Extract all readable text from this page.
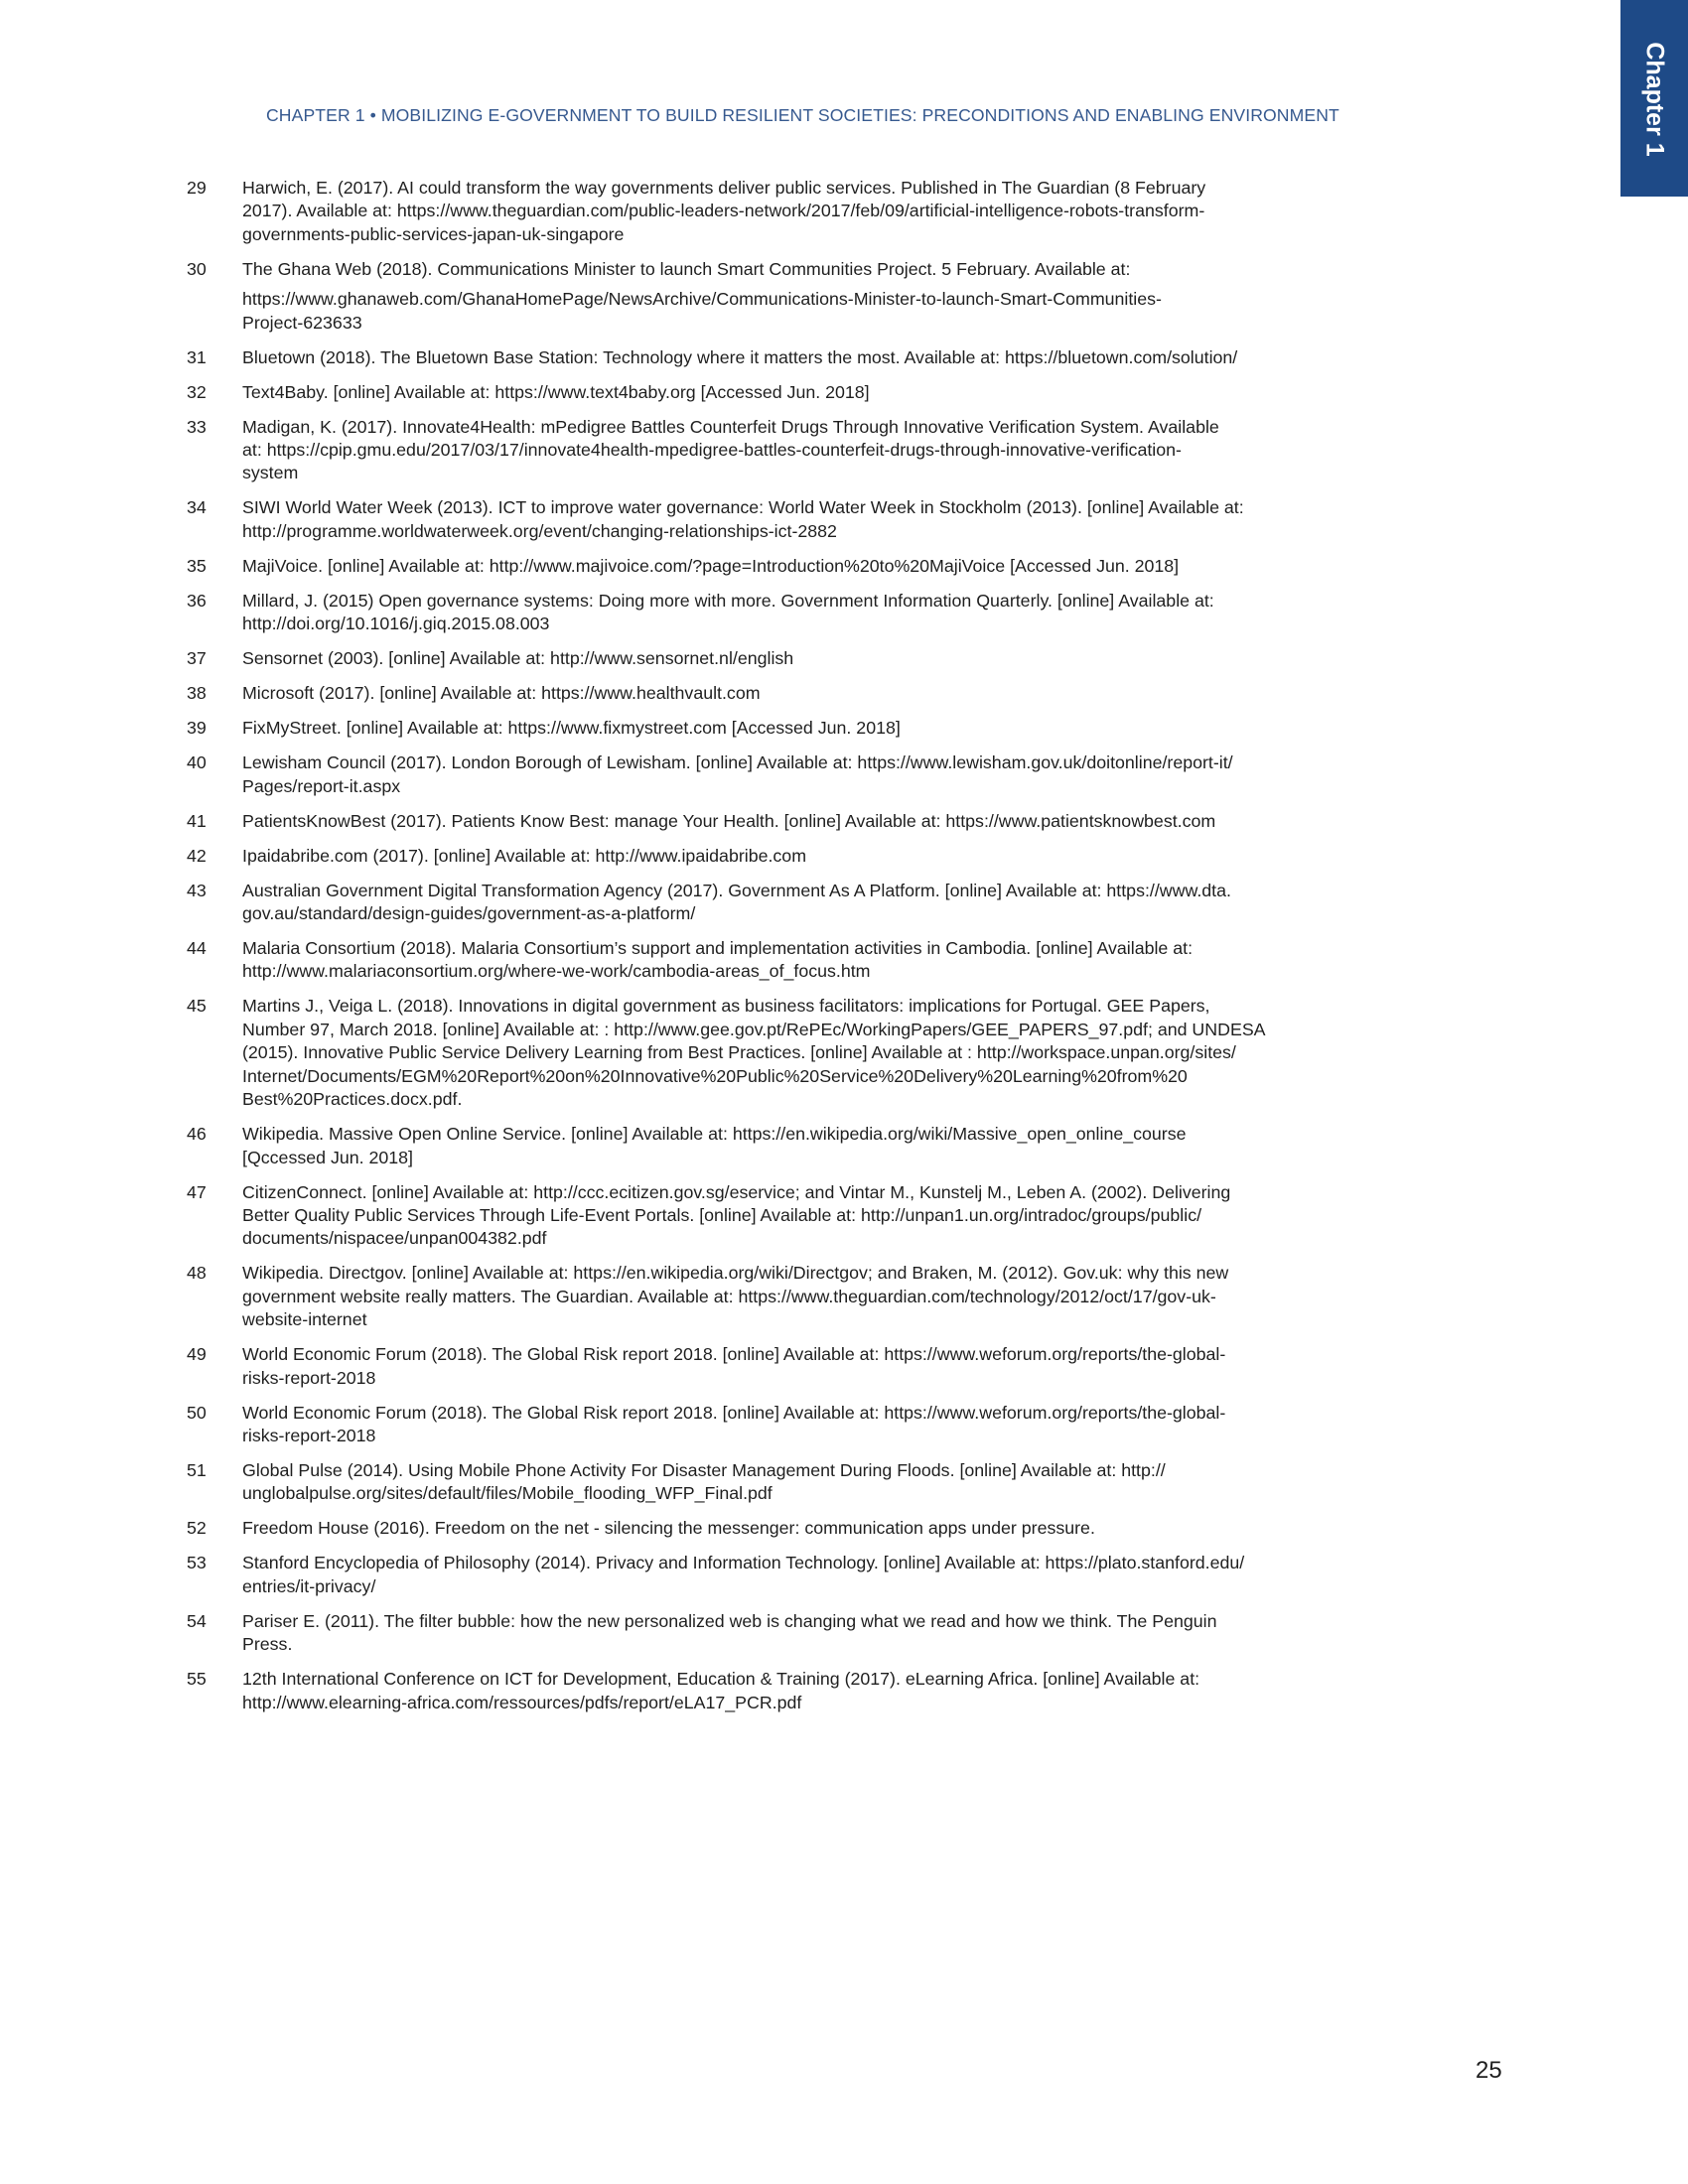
Chapter 1
CHAPTER 1 • MOBILIZING E-GOVERNMENT TO BUILD RESILIENT SOCIETIES: PRECONDITIONS AND ENABLING ENVIRONMENT
29	Harwich, E. (2017). AI could transform the way governments deliver public services. Published in The Guardian (8 February
2017). Available at: https://www.theguardian.com/public-leaders-network/2017/feb/09/artificial-intelligence-robots-transform-
governments-public-services-japan-uk-singapore
30	The Ghana Web (2018). Communications Minister to launch Smart Communities Project. 5 February. Available at:
https://www.ghanaweb.com/GhanaHomePage/NewsArchive/Communications-Minister-to-launch-Smart-Communities-
Project-623633
31	Bluetown (2018). The Bluetown Base Station: Technology where it matters the most. Available at: https://bluetown.com/solution/
32	Text4Baby. [online] Available at: https://www.text4baby.org [Accessed Jun. 2018]
33	Madigan, K. (2017). Innovate4Health: mPedigree Battles Counterfeit Drugs Through Innovative Verification System. Available
at: https://cpip.gmu.edu/2017/03/17/innovate4health-mpedigree-battles-counterfeit-drugs-through-innovative-verification-
system
34	SIWI World Water Week (2013). ICT to improve water governance: World Water Week in Stockholm (2013). [online] Available at:
http://programme.worldwaterweek.org/event/changing-relationships-ict-2882
35	MajiVoice. [online] Available at: http://www.majivoice.com/?page=Introduction%20to%20MajiVoice [Accessed Jun. 2018]
36	Millard, J. (2015) Open governance systems: Doing more with more. Government Information Quarterly. [online] Available at:
http://doi.org/10.1016/j.giq.2015.08.003
37	Sensornet (2003). [online] Available at: http://www.sensornet.nl/english
38	Microsoft (2017). [online] Available at: https://www.healthvault.com
39	FixMyStreet. [online] Available at: https://www.fixmystreet.com [Accessed Jun. 2018]
40	Lewisham Council (2017). London Borough of Lewisham. [online] Available at: https://www.lewisham.gov.uk/doitonline/report-it/
Pages/report-it.aspx
41	PatientsKnowBest (2017). Patients Know Best: manage Your Health. [online] Available at: https://www.patientsknowbest.com
42	Ipaidabribe.com (2017). [online] Available at: http://www.ipaidabribe.com
43	Australian Government Digital Transformation Agency (2017). Government As A Platform. [online] Available at: https://www.dta.
gov.au/standard/design-guides/government-as-a-platform/
44	Malaria Consortium (2018). Malaria Consortium’s support and implementation activities in Cambodia. [online] Available at:
http://www.malariaconsortium.org/where-we-work/cambodia-areas_of_focus.htm
45	Martins J., Veiga L. (2018). Innovations in digital government as business facilitators: implications for Portugal. GEE Papers,
Number 97, March 2018. [online] Available at: : http://www.gee.gov.pt/RePEc/WorkingPapers/GEE_PAPERS_97.pdf; and UNDESA
(2015). Innovative Public Service Delivery Learning from Best Practices. [online] Available at : http://workspace.unpan.org/sites/
Internet/Documents/EGM%20Report%20on%20Innovative%20Public%20Service%20Delivery%20Learning%20from%20
Best%20Practices.docx.pdf.
46	Wikipedia. Massive Open Online Service. [online] Available at: https://en.wikipedia.org/wiki/Massive_open_online_course
[Qccessed Jun. 2018]
47	CitizenConnect. [online] Available at: http://ccc.ecitizen.gov.sg/eservice; and Vintar M., Kunstelj M., Leben A. (2002). Delivering
Better Quality Public Services Through Life-Event Portals. [online] Available at: http://unpan1.un.org/intradoc/groups/public/
documents/nispacee/unpan004382.pdf
48	Wikipedia. Directgov. [online] Available at: https://en.wikipedia.org/wiki/Directgov; and Braken, M. (2012). Gov.uk: why this new
government website really matters. The Guardian. Available at: https://www.theguardian.com/technology/2012/oct/17/gov-uk-
website-internet
49	World Economic Forum (2018). The Global Risk report 2018. [online] Available at: https://www.weforum.org/reports/the-global-
risks-report-2018
50	World Economic Forum (2018). The Global Risk report 2018. [online] Available at: https://www.weforum.org/reports/the-global-
risks-report-2018
51	Global Pulse (2014). Using Mobile Phone Activity For Disaster Management During Floods. [online] Available at: http://
unglobalpulse.org/sites/default/files/Mobile_flooding_WFP_Final.pdf
52	Freedom House (2016). Freedom on the net - silencing the messenger: communication apps under pressure.
53	Stanford Encyclopedia of Philosophy (2014). Privacy and Information Technology. [online] Available at: https://plato.stanford.edu/
entries/it-privacy/
54	Pariser E. (2011). The filter bubble: how the new personalized web is changing what we read and how we think. The Penguin
Press.
55	12th International Conference on ICT for Development, Education & Training (2017). eLearning Africa. [online] Available at:
http://www.elearning-africa.com/ressources/pdfs/report/eLA17_PCR.pdf
25
